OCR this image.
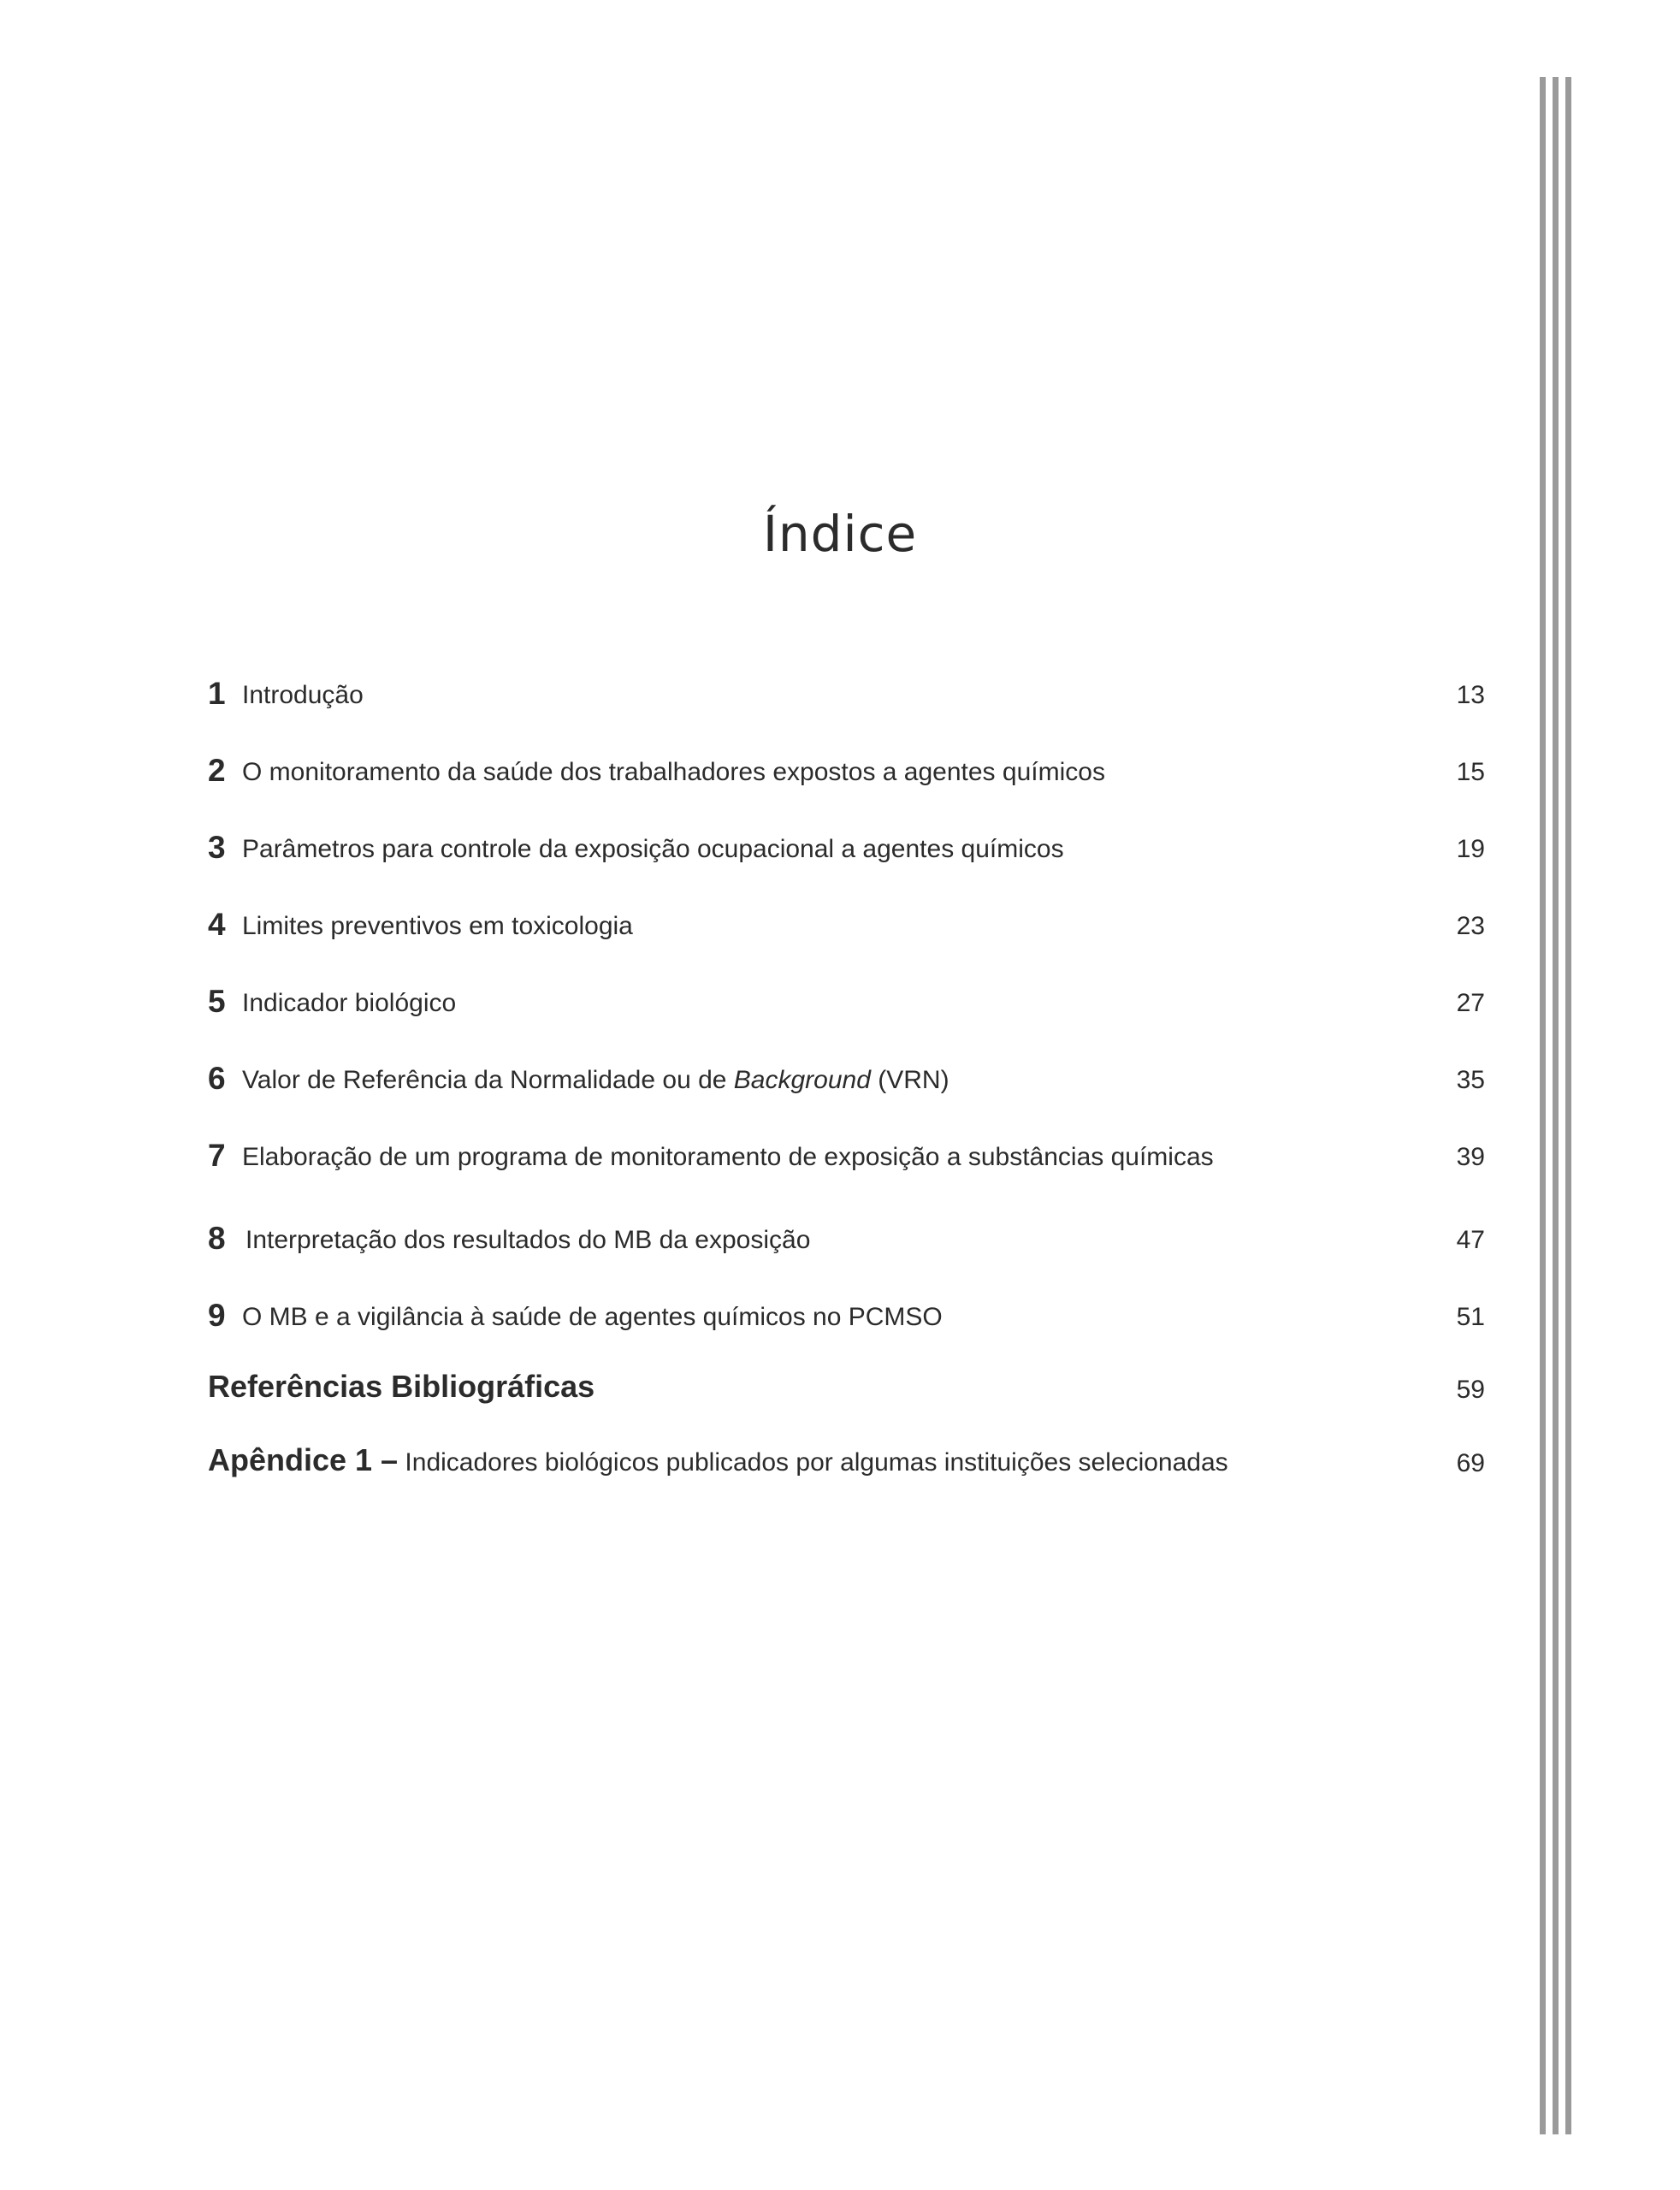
Índice
1 Introdução	13
2 O monitoramento da saúde dos trabalhadores expostos a agentes químicos	15
3 Parâmetros para controle da exposição ocupacional a agentes químicos	19
4 Limites preventivos em toxicologia	23
5 Indicador biológico	27
6 Valor de Referência da Normalidade ou de Background (VRN)	35
7 Elaboração de um programa de monitoramento de exposição a substâncias químicas	39
8 Interpretação dos resultados do MB da exposição	47
9 O MB e a vigilância à saúde de agentes químicos no PCMSO	51
Referências Bibliográficas	59
Apêndice 1 – Indicadores biológicos publicados por algumas instituições selecionadas	69
